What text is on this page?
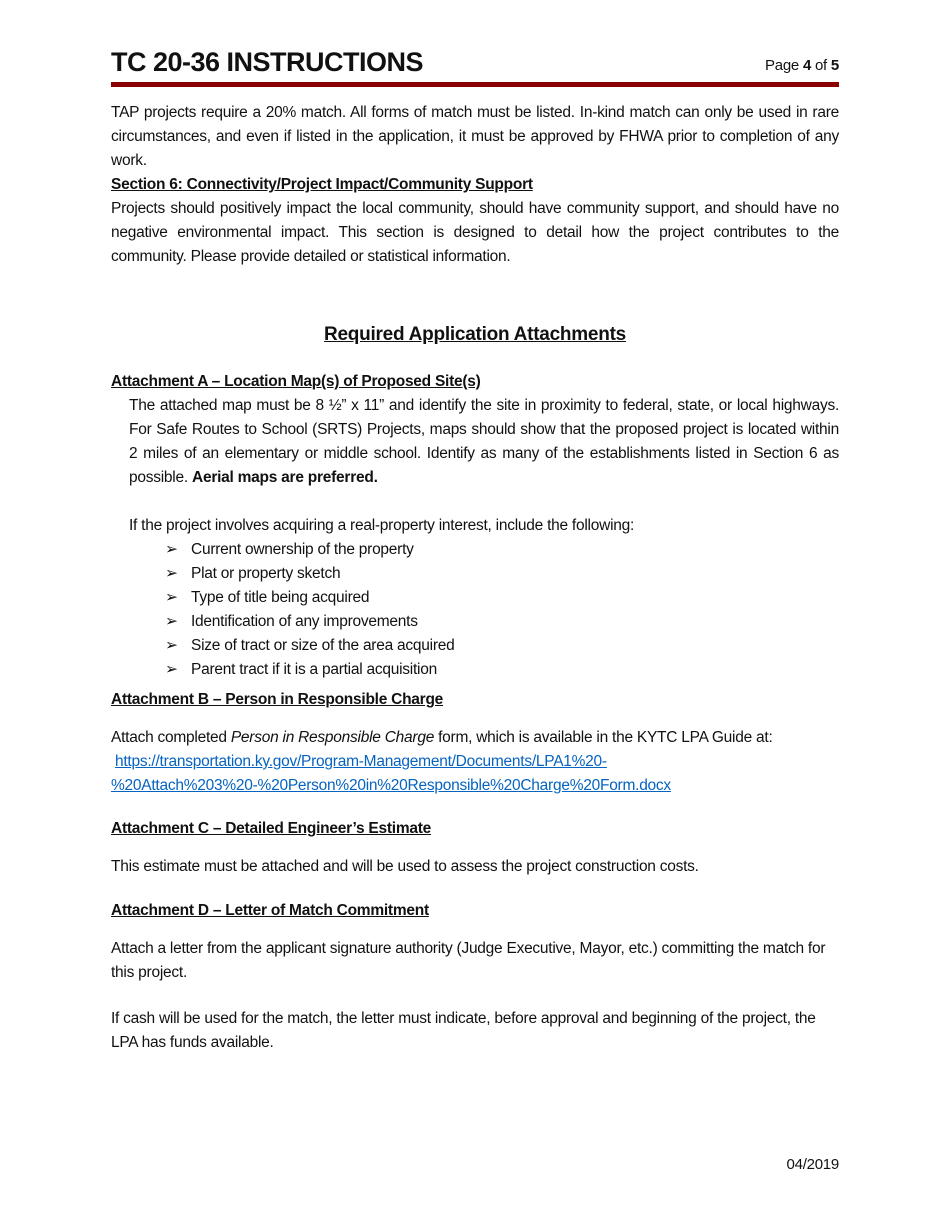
TC 20-36 INSTRUCTIONS	Page 4 of 5

TAP projects require a 20% match. All forms of match must be listed. In-kind match can only be used in rare circumstances, and even if listed in the application, it must be approved by FHWA prior to completion of any work.

Section 6: Connectivity/Project Impact/Community Support
Projects should positively impact the local community, should have community support, and should have no negative environmental impact. This section is designed to detail how the project contributes to the community. Please provide detailed or statistical information.
Required Application Attachments
Attachment A – Location Map(s) of Proposed Site(s)
The attached map must be 8 ½” x 11” and identify the site in proximity to federal, state, or local highways. For Safe Routes to School (SRTS) Projects, maps should show that the proposed project is located within 2 miles of an elementary or middle school. Identify as many of the establishments listed in Section 6 as possible. Aerial maps are preferred.
If the project involves acquiring a real-property interest, include the following:
➢ Current ownership of the property
➢ Plat or property sketch
➢ Type of title being acquired
➢ Identification of any improvements
➢ Size of tract or size of the area acquired
➢ Parent tract if it is a partial acquisition
Attachment B – Person in Responsible Charge
Attach completed Person in Responsible Charge form, which is available in the KYTC LPA Guide at: https://transportation.ky.gov/Program-Management/Documents/LPA1%20-
%20Attach%203%20-%20Person%20in%20Responsible%20Charge%20Form.docx
Attachment C – Detailed Engineer’s Estimate
This estimate must be attached and will be used to assess the project construction costs.
Attachment D – Letter of Match Commitment
Attach a letter from the applicant signature authority (Judge Executive, Mayor, etc.) committing the match for this project.
If cash will be used for the match, the letter must indicate, before approval and beginning of the project, the LPA has funds available.
04/2019
